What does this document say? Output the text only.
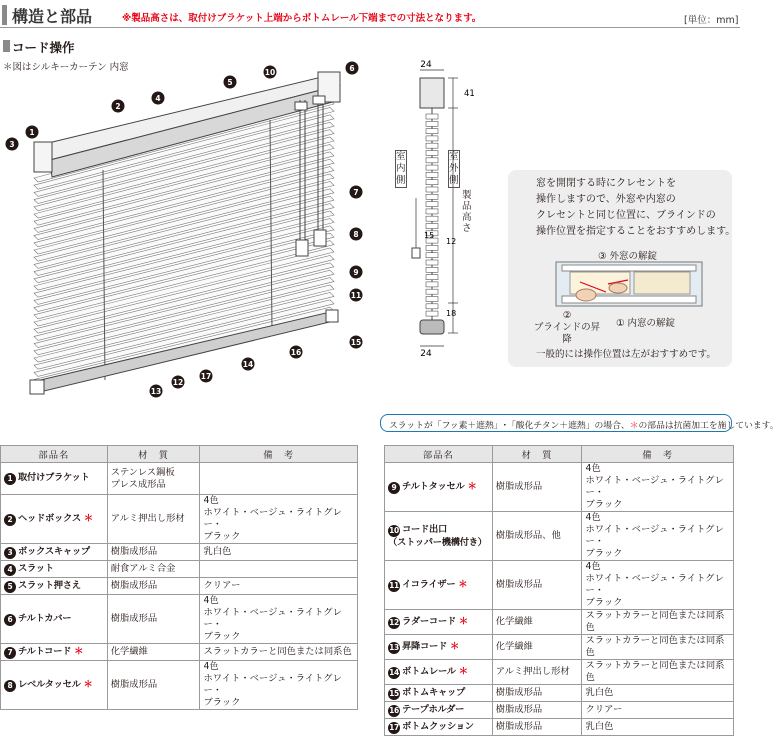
構造と部品	※製品高さは、取付けブラケット上端からボトムレール下端までの寸法となります。	[単位：mm]
コード操作
＊図はシルキーカーテン 内窓
1
2
3
4
5
6
7
8
9
10
11
12
13
14
15
16
17
24
24
41
15
12
18
室内側
室外側
製品高さ
窓を開閉する時にクレセントを
操作しますので、外窓や内窓の
クレセントと同じ位置に、ブラインドの
操作位置を指定することをおすすめします。
③ 外窓の解錠
②
ブラインドの昇降
① 内窓の解錠
一般的には操作位置は左がおすすめです。
スラットが「フッ素＋遮熱」･「酸化チタン＋遮熱」の場合、＊の部品は抗菌加工を施しています。
部品名	材　質	備　考
1 取付けブラケット	ステンレス鋼板
プレス成形品	
2 ヘッドボックス ＊	アルミ押出し形材	4色
ホワイト・ベージュ・ライトグレー・
ブラック
3 ボックスキャップ	樹脂成形品	乳白色
4 スラット	耐食アルミ合金	
5 スラット押さえ	樹脂成形品	クリアー
6 チルトカバー	樹脂成形品	4色
ホワイト・ベージュ・ライトグレー・
ブラック
7 チルトコード ＊	化学繊維	スラットカラーと同色または同系色
8 レベルタッセル ＊	樹脂成形品	4色
ホワイト・ベージュ・ライトグレー・
ブラック
部品名	材　質	備　考
9 チルトタッセル ＊	樹脂成形品	4色
ホワイト・ベージュ・ライトグレー・
ブラック
10 コード出口
（ストッパー機構付き）	樹脂成形品、他	4色
ホワイト・ベージュ・ライトグレー・
ブラック
11 イコライザー ＊	樹脂成形品	4色
ホワイト・ベージュ・ライトグレー・
ブラック
12 ラダーコード ＊	化学繊維	スラットカラーと同色または同系色
13 昇降コード ＊	化学繊維	スラットカラーと同色または同系色
14 ボトムレール ＊	アルミ押出し形材	スラットカラーと同色または同系色
15 ボトムキャップ	樹脂成形品	乳白色
16 テープホルダー	樹脂成形品	クリアー
17 ボトムクッション	樹脂成形品	乳白色
